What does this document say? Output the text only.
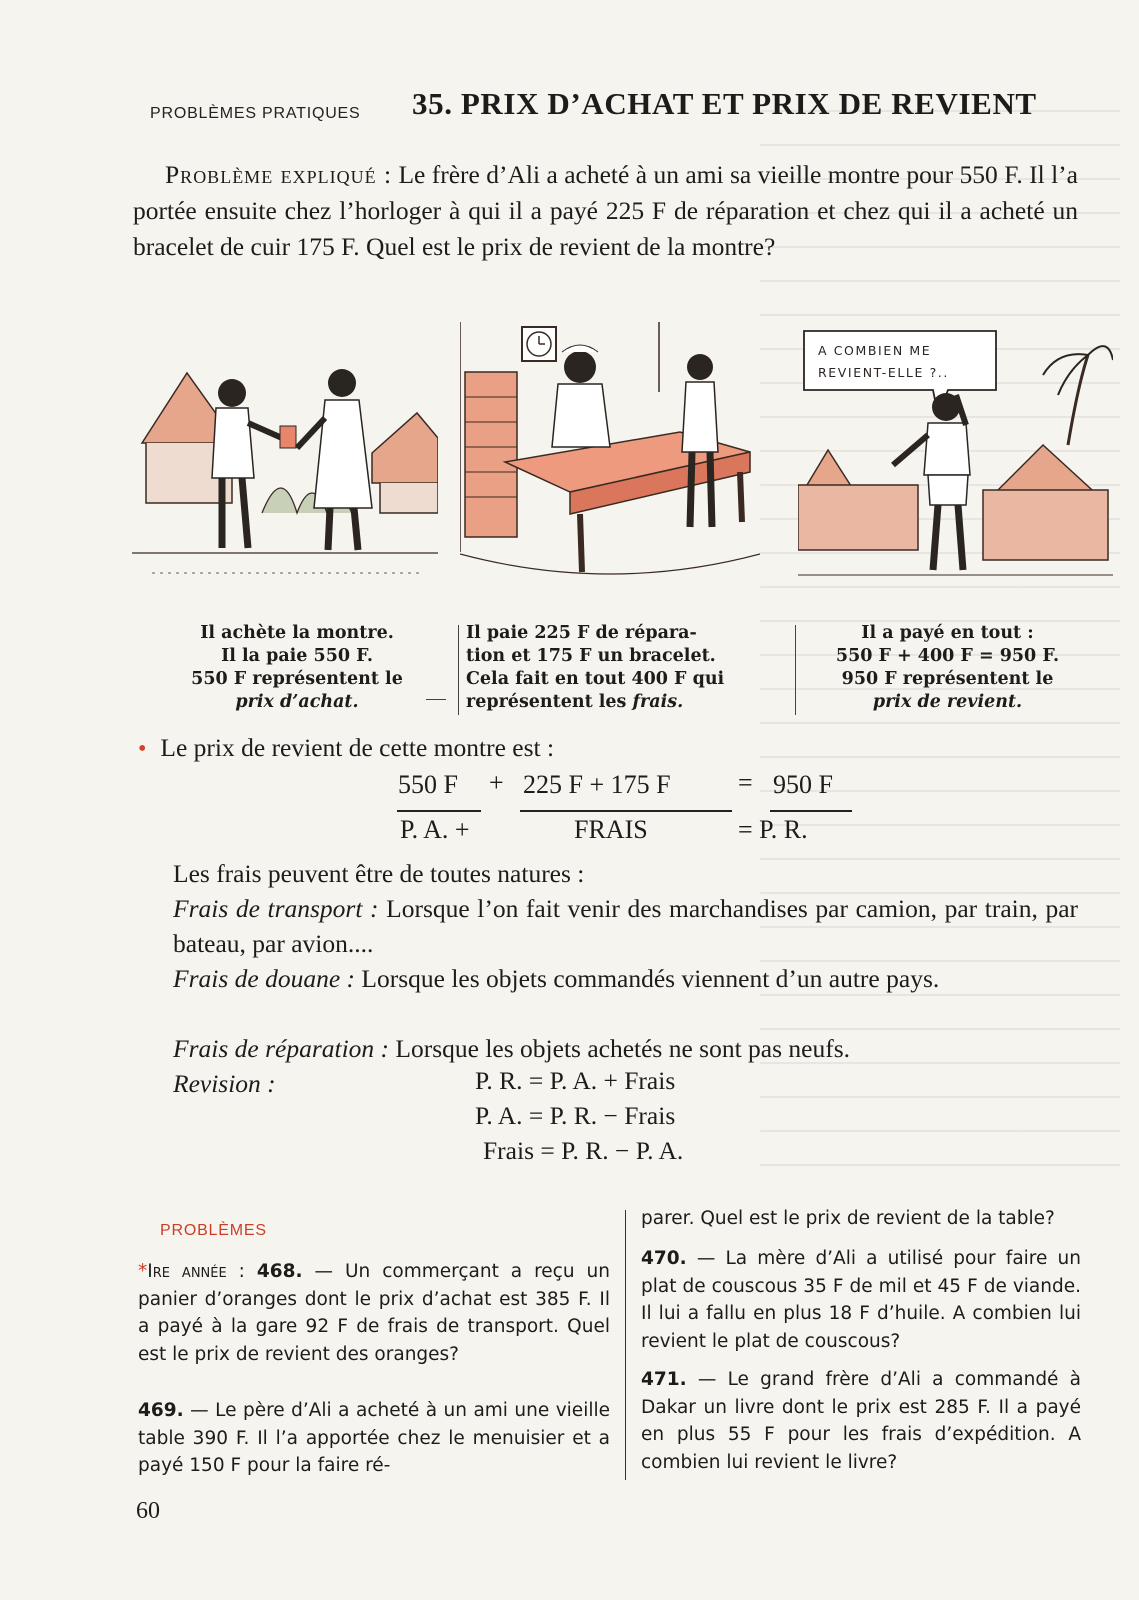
PROBLÈMES PRATIQUES 35. PRIX D’ACHAT ET PRIX DE REVIENT
Problème expliqué : Le frère d’Ali a acheté à un ami sa vieille montre pour 550 F. Il l’a portée ensuite chez l’horloger à qui il a payé 225 F de réparation et chez qui il a acheté un bracelet de cuir 175 F. Quel est le prix de revient de la montre?
A COMBIEN ME
REVIENT-ELLE ?..
Il achète la montre.
Il la paie 550 F.
550 F représentent le
prix d’achat.
Il paie 225 F de répara-
tion et 175 F un bracelet.
Cela fait en tout 400 F qui
représentent les frais.
Il a payé en tout :
550 F + 400 F = 950 F.
950 F représentent le
prix de revient.
• Le prix de revient de cette montre est :
550 F + 225 F + 175 F	= 950 F
P. A. +	FRAIS	= P. R.
Les frais peuvent être de toutes natures :
Frais de transport : Lorsque l’on fait venir des marchandises par camion, par train, par bateau, par avion....
Frais de douane : Lorsque les objets commandés viennent d’un autre pays.
Frais de réparation : Lorsque les objets achetés ne sont pas neufs.
Revision :	P. R. = P. A. + Frais
P. A. = P. R. − Frais
Frais = P. R. − P. A.
PROBLÈMES
*Ire année : 468. — Un commerçant a reçu un panier d’oranges dont le prix d’achat est 385 F. Il a payé à la gare 92 F de frais de transport. Quel est le prix de revient des oranges?
469. — Le père d’Ali a acheté à un ami une vieille table 390 F. Il l’a apportée chez le menuisier et a payé 150 F pour la faire ré-
parer. Quel est le prix de revient de la table?
470. — La mère d’Ali a utilisé pour faire un plat de couscous 35 F de mil et 45 F de viande. Il lui a fallu en plus 18 F d’huile. A combien lui revient le plat de couscous?
471. — Le grand frère d’Ali a commandé à Dakar un livre dont le prix est 285 F. Il a payé en plus 55 F pour les frais d’expédition. A combien lui revient le livre?
60
